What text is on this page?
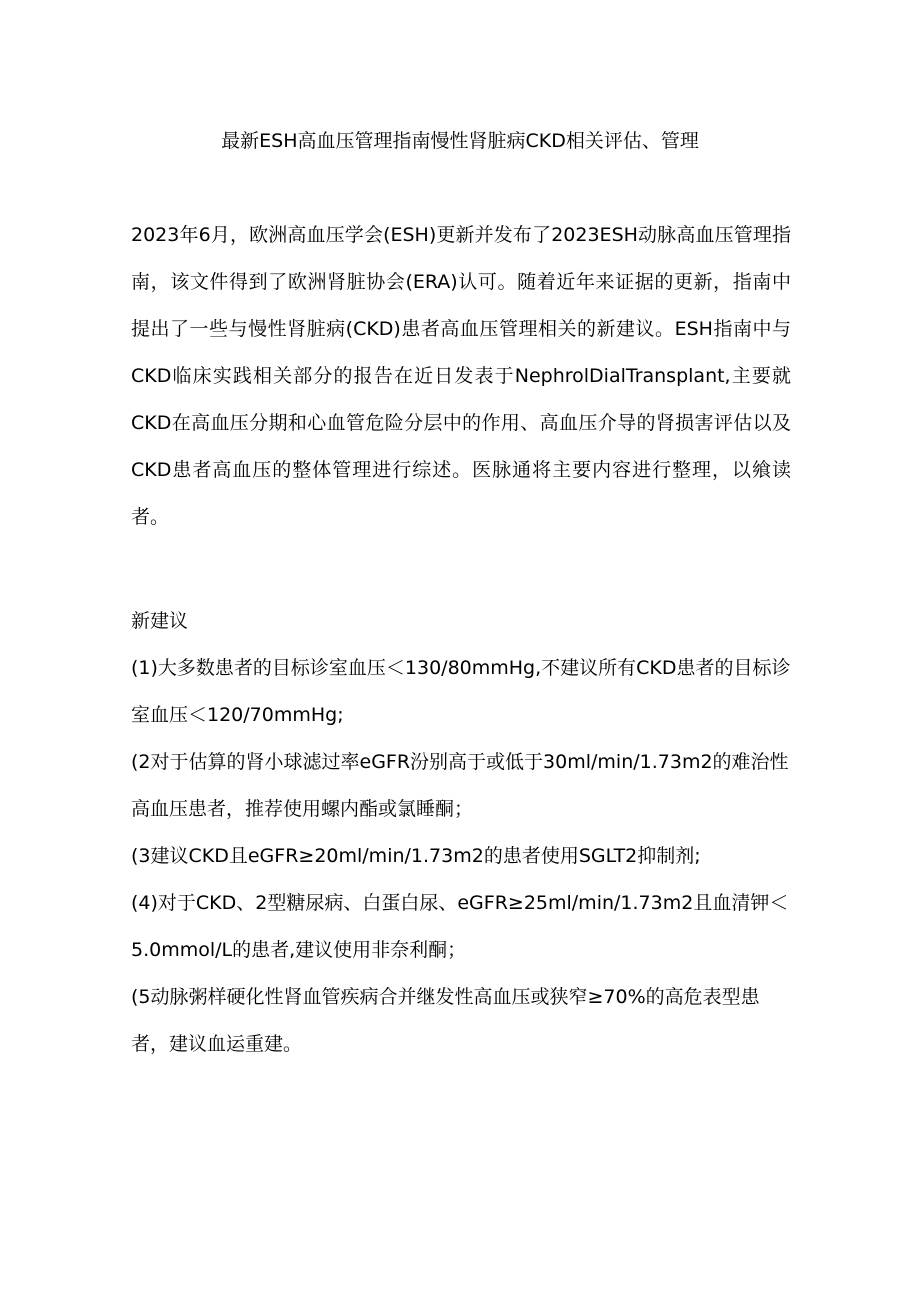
最新ESH高血压管理指南慢性肾脏病CKD相关评估、管理

2023年6月，欧洲高血压学会(ESH)更新并发布了2023ESH动脉高血压管理指南，该文件得到了欧洲肾脏协会(ERA)认可。随着近年来证据的更新，指南中提出了一些与慢性肾脏病(CKD)患者高血压管理相关的新建议。ESH指南中与CKD临床实践相关部分的报告在近日发表于NephrolDialTransplant,主要就CKD在高血压分期和心血管危险分层中的作用、高血压介导的肾损害评估以及CKD患者高血压的整体管理进行综述。医脉通将主要内容进行整理，以飨读者。

新建议

(1)大多数患者的目标诊室血压＜130/80mmHg,不建议所有CKD患者的目标诊室血压＜120/70mmHg;
(2对于估算的肾小球滤过率eGFR汾别高于或低于30ml∕min∕1.73m2的难治性高血压患者，推荐使用螺内酯或氯睡酮；
(3建议CKD且eGFR≥20ml∕min∕1.73m2的患者使用SGLT2抑制剂;
(4)对于CKD、2型糖尿病、白蛋白尿、eGFR≥25ml∕min∕1.73m2且血清钾＜5.0mmol/L的患者,建议使用非奈利酮；
(5动脉粥样硬化性肾血管疾病合并继发性高血压或狭窄≥70%的高危表型患者，建议血运重建。
